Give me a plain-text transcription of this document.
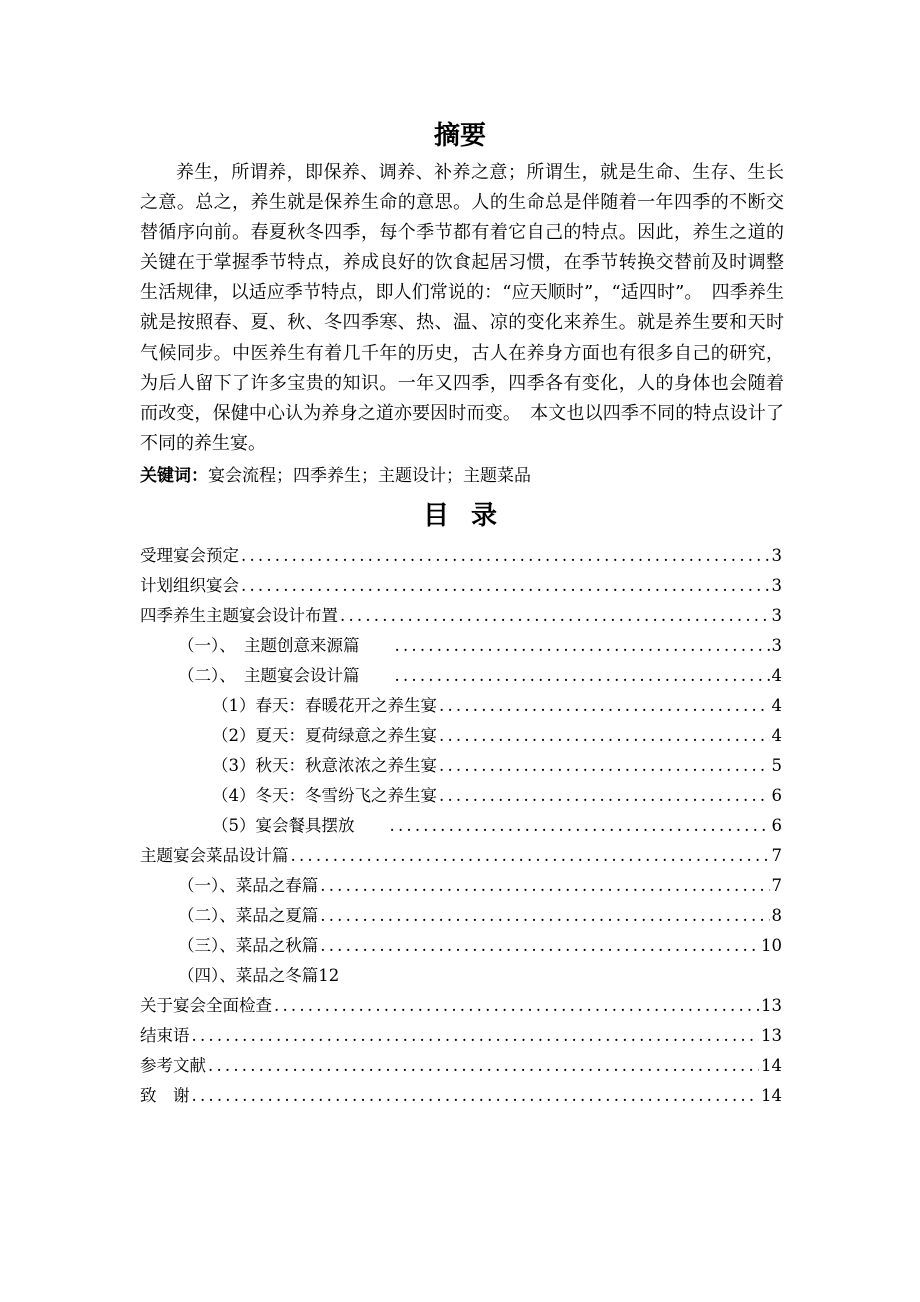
摘要

养生，所谓养，即保养、调养、补养之意；所谓生，就是生命、生存、生长之意。总之，养生就是保养生命的意思。人的生命总是伴随着一年四季的不断交替循序向前。春夏秋冬四季，每个季节都有着它自己的特点。因此，养生之道的关键在于掌握季节特点，养成良好的饮食起居习惯，在季节转换交替前及时调整生活规律，以适应季节特点，即人们常说的：“应天顺时”，“适四时”。　四季养生就是按照春、夏、秋、冬四季寒、热、温、凉的变化来养生。就是养生要和天时气候同步。中医养生有着几千年的历史，古人在养身方面也有很多自己的研究，为后人留下了许多宝贵的知识。一年又四季，四季各有变化，人的身体也会随着而改变，保健中心认为养身之道亦要因时而变。　本文也以四季不同的特点设计了不同的养生宴。

关键词：宴会流程；四季养生；主题设计；主题菜品

目录
受理宴会预定 .....	3
计划组织宴会 .....	3
四季养生主题宴会设计布置 .....	3
（一）、　主题创意来源篇　　 .....	3
（二）、　主题宴会设计篇　　 .....	4
（1）春天：春暖花开之养生宴 .....	4
（2）夏天：夏荷绿意之养生宴 .....	4
（3）秋天：秋意浓浓之养生宴 .....	5
（4）冬天：冬雪纷飞之养生宴 .....	6
（5）宴会餐具摆放　　 .....	6
主题宴会菜品设计篇 .....	7
（一）、菜品之春篇 .....	7
（二）、菜品之夏篇 .....	8
（三）、菜品之秋篇 .....	10
（四）、菜品之冬篇 12
关于宴会全面检查 .....	13
结束语 .....	13
参考文献 .....	14
致　谢 .....	14
